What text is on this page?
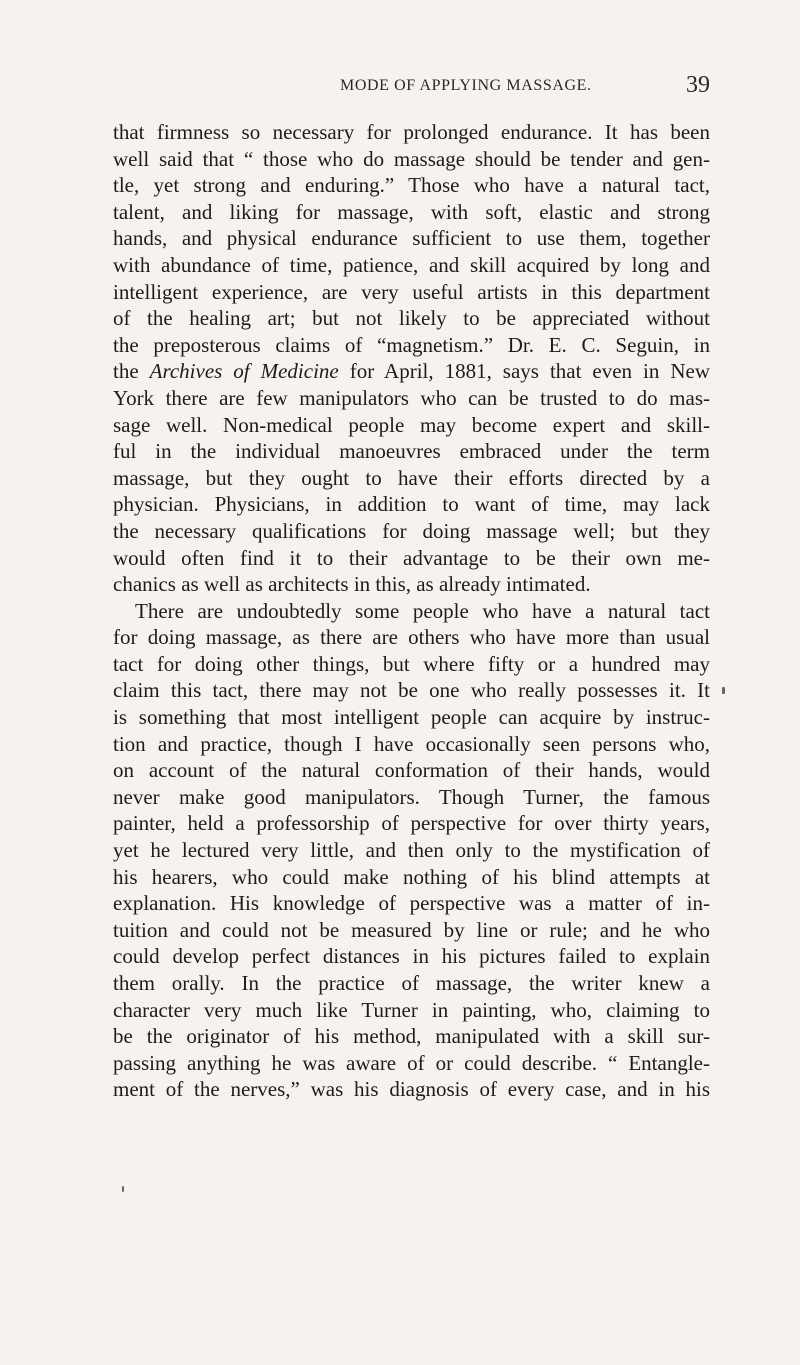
MODE OF APPLYING MASSAGE.	39
that firmness so necessary for prolonged endurance. It has been
well said that “ those who do massage should be tender and gen-
tle, yet strong and enduring.” Those who have a natural tact,
talent, and liking for massage, with soft, elastic and strong
hands, and physical endurance sufficient to use them, together
with abundance of time, patience, and skill acquired by long and
intelligent experience, are very useful artists in this department
of the healing art; but not likely to be appreciated without
the preposterous claims of “magnetism.” Dr. E. C. Seguin, in
the Archives of Medicine for April, 1881, says that even in New
York there are few manipulators who can be trusted to do mas-
sage well. Non-medical people may become expert and skill-
ful in the individual manoeuvres embraced under the term
massage, but they ought to have their efforts directed by a
physician. Physicians, in addition to want of time, may lack
the necessary qualifications for doing massage well; but they
would often find it to their advantage to be their own me-
chanics as well as architects in this, as already intimated.
There are undoubtedly some people who have a natural tact
for doing massage, as there are others who have more than usual
tact for doing other things, but where fifty or a hundred may
claim this tact, there may not be one who really possesses it. It
is something that most intelligent people can acquire by instruc-
tion and practice, though I have occasionally seen persons who,
on account of the natural conformation of their hands, would
never make good manipulators. Though Turner, the famous
painter, held a professorship of perspective for over thirty years,
yet he lectured very little, and then only to the mystification of
his hearers, who could make nothing of his blind attempts at
explanation. His knowledge of perspective was a matter of in-
tuition and could not be measured by line or rule; and he who
could develop perfect distances in his pictures failed to explain
them orally. In the practice of massage, the writer knew a
character very much like Turner in painting, who, claiming to
be the originator of his method, manipulated with a skill sur-
passing anything he was aware of or could describe. “ Entangle-
ment of the nerves,” was his diagnosis of every case, and in his
